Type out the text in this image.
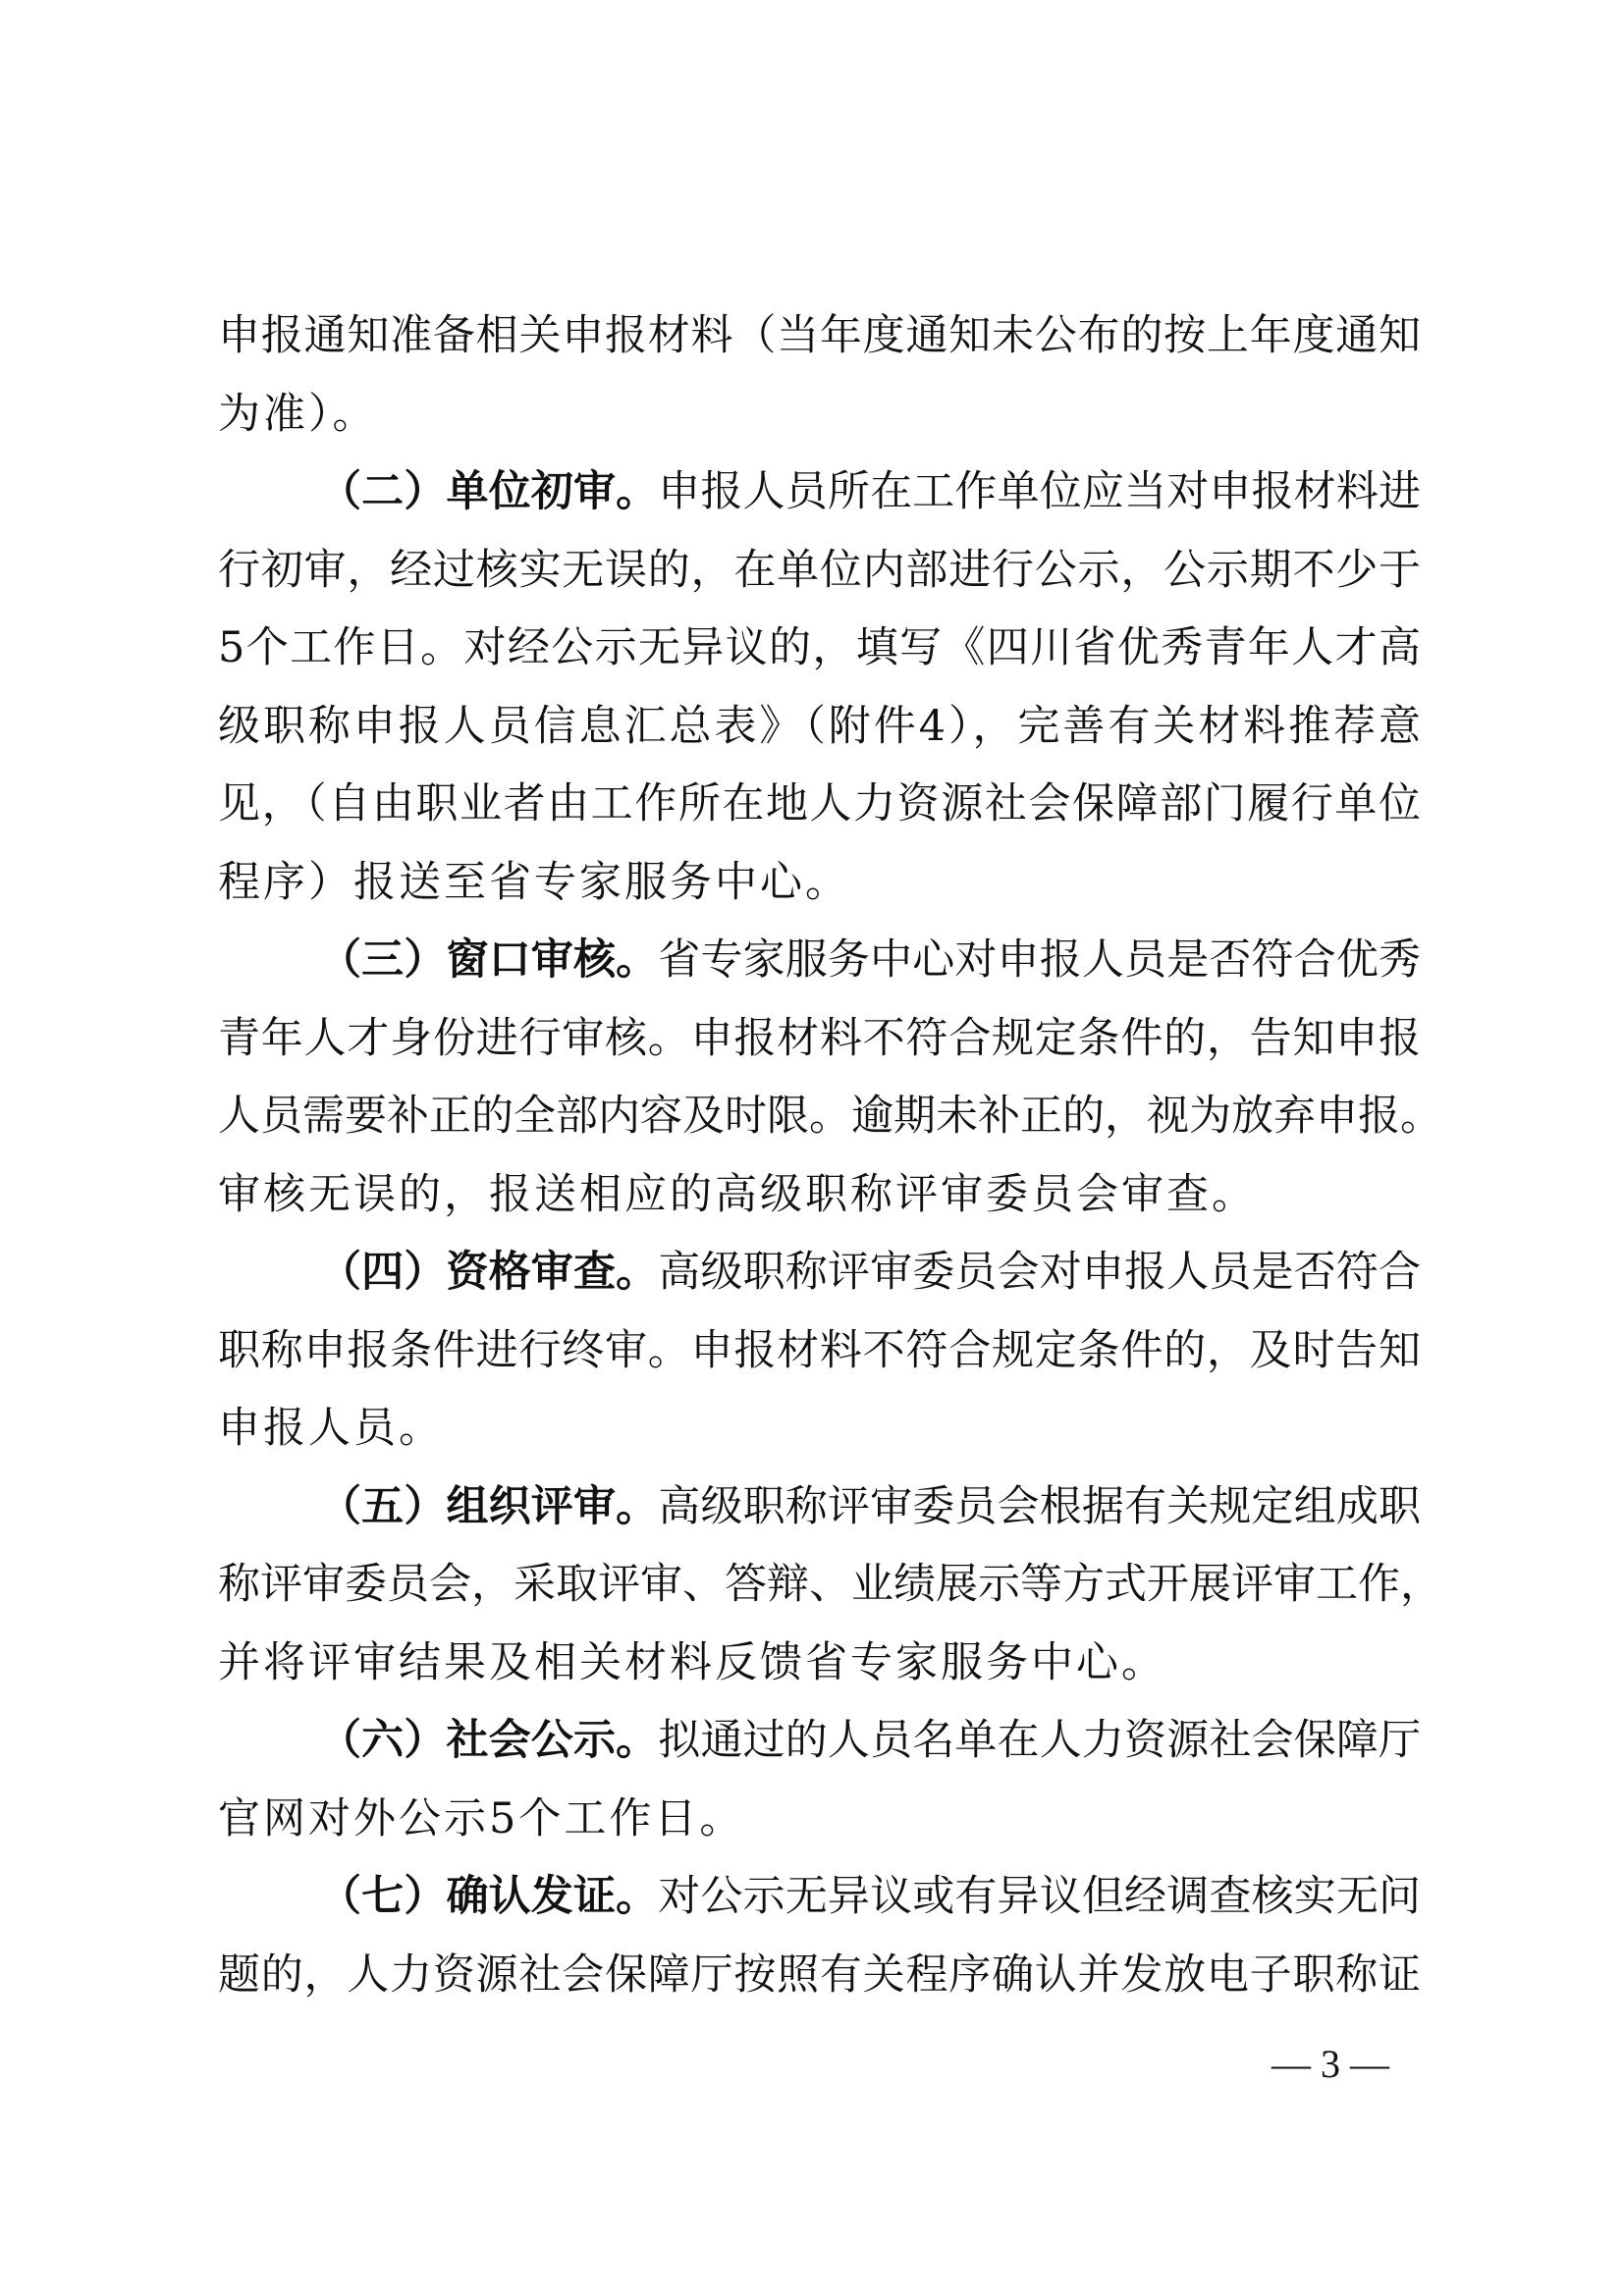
申报通知准备相关申报材料（当年度通知未公布的按上年度通知
为准）。
（二）单位初审。申报人员所在工作单位应当对申报材料进
行初审，经过核实无误的，在单位内部进行公示，公示期不少于
5个工作日。对经公示无异议的，填写《四川省优秀青年人才高
级职称申报人员信息汇总表》（附件4），完善有关材料推荐意
见，（自由职业者由工作所在地人力资源社会保障部门履行单位
程序）报送至省专家服务中心。
（三）窗口审核。省专家服务中心对申报人员是否符合优秀
青年人才身份进行审核。申报材料不符合规定条件的，告知申报
人员需要补正的全部内容及时限。逾期未补正的，视为放弃申报。
审核无误的，报送相应的高级职称评审委员会审查。
（四）资格审查。高级职称评审委员会对申报人员是否符合
职称申报条件进行终审。申报材料不符合规定条件的，及时告知
申报人员。
（五）组织评审。高级职称评审委员会根据有关规定组成职
称评审委员会，采取评审、答辩、业绩展示等方式开展评审工作，
并将评审结果及相关材料反馈省专家服务中心。
（六）社会公示。拟通过的人员名单在人力资源社会保障厅
官网对外公示5个工作日。
（七）确认发证。对公示无异议或有异议但经调查核实无问
题的，人力资源社会保障厅按照有关程序确认并发放电子职称证
— 3 —
